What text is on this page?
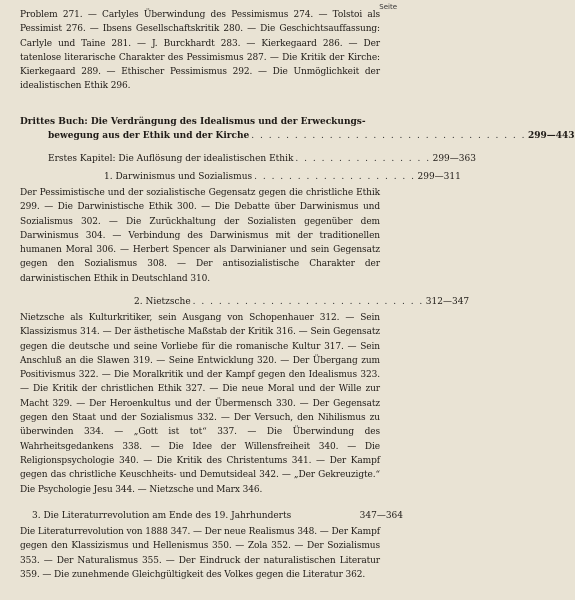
Seite

Problem 271. — Carlyles Überwindung des Pessimismus 274. — Tolstoi als Pessimist 276. — Ibsens Gesellschaftskritik 280. — Die Geschichtsauffassung: Carlyle und Taine 281. — J. Burckhardt 283. — Kierkegaard 286. — Der tatenlose literarische Charakter des Pessimismus 287. — Die Kritik der Kirche: Kierkegaard 289. — Ethischer Pessimismus 292. — Die Unmöglichkeit der idealistischen Ethik 296.

Drittes Buch: Die Verdrängung des Idealismus und der Erweckungs-
bewegung aus der Ethik und der Kirche . . . . . . . . . . . . . . . . . . . . . . . . . . . . . . . . 299—443
Erstes Kapitel: Die Auflösung der idealistischen Ethik . . . . . . . . . . . . . . . . 299—363
1. Darwinismus und Sozialismus . . . . . . . . . . . . . . . . . . . 299—311

Der Pessimistische und der sozialistische Gegensatz gegen die christliche Ethik 299. — Die Darwinistische Ethik 300. — Die Debatte über Darwinismus und Sozialismus 302. — Die Zurückhaltung der Sozialisten gegenüber dem Darwinismus 304. — Verbindung des Darwinismus mit der traditionellen humanen Moral 306. — Herbert Spencer als Darwinianer und sein Gegensatz gegen den Sozialismus 308. — Der antisozialistische Charakter der darwinistischen Ethik in Deutschland 310.

2. Nietzsche . . . . . . . . . . . . . . . . . . . . . . . . . . . 312—347

Nietzsche als Kulturkritiker, sein Ausgang von Schopenhauer 312. — Sein Klassizismus 314. — Der ästhetische Maßstab der Kritik 316. — Sein Gegensatz gegen die deutsche und seine Vorliebe für die romanische Kultur 317. — Sein Anschluß an die Slawen 319. — Seine Entwicklung 320. — Der Übergang zum Positivismus 322. — Die Moralkritik und der Kampf gegen den Idealismus 323. — Die Kritik der christlichen Ethik 327. — Die neue Moral und der Wille zur Macht 329. — Der Heroenkultus und der Übermensch 330. — Der Gegensatz gegen den Staat und der Sozialismus 332. — Der Versuch, den Nihilismus zu überwinden 334. — „Gott ist tot“ 337. — Die Überwindung des Wahrheitsgedankens 338. — Die Idee der Willensfreiheit 340. — Die Religionspsychologie 340. — Die Kritik des Christentums 341. — Der Kampf gegen das christliche Keuschheits- und Demutsideal 342. — „Der Gekreuzigte.“ Die Psychologie Jesu 344. — Nietzsche und Marx 346.

3. Die Literaturrevolution am Ende des 19. Jahrhunderts	347—364

Die Literaturrevolution von 1888 347. — Der neue Realismus 348. — Der Kampf gegen den Klassizismus und Hellenismus 350. — Zola 352. — Der Sozialismus 353. — Der Naturalismus 355. — Der Eindruck der naturalistischen Literatur 359. — Die zunehmende Gleichgültigkeit des Volkes gegen die Literatur 362.
